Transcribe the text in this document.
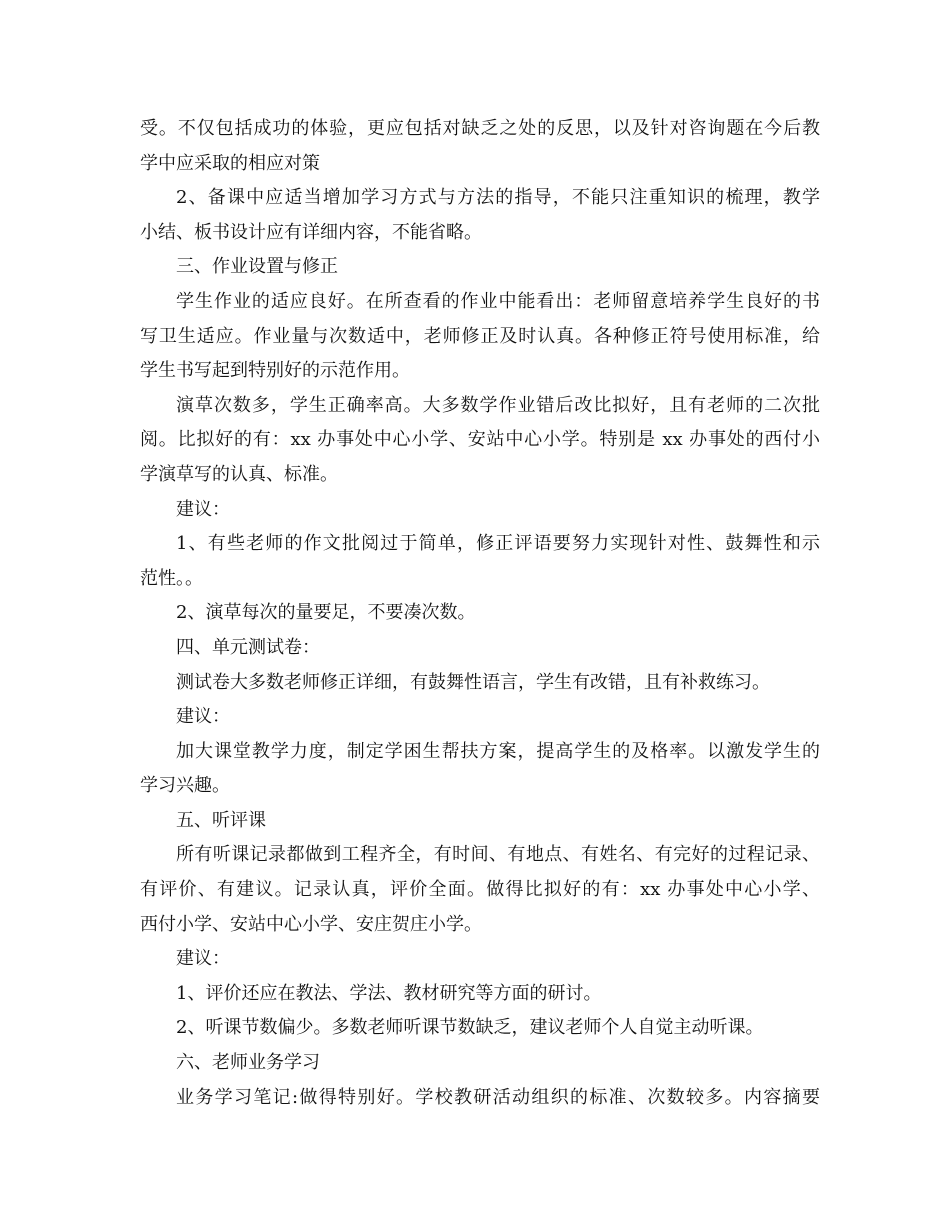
受。不仅包括成功的体验，更应包括对缺乏之处的反思，以及针对咨询题在今后教

学中应采取的相应对策

2、备课中应适当增加学习方式与方法的指导，不能只注重知识的梳理，教学

小结、板书设计应有详细内容，不能省略。

三、作业设置与修正

学生作业的适应良好。在所查看的作业中能看出：老师留意培养学生良好的书

写卫生适应。作业量与次数适中，老师修正及时认真。各种修正符号使用标准，给

学生书写起到特别好的示范作用。

演草次数多，学生正确率高。大多数学作业错后改比拟好，且有老师的二次批

阅。比拟好的有：xx 办事处中心小学、安站中心小学。特别是 xx 办事处的西付小

学演草写的认真、标准。

建议：

1、有些老师的作文批阅过于简单，修正评语要努力实现针对性、鼓舞性和示

范性。。

2、演草每次的量要足，不要凑次数。

四、单元测试卷：

测试卷大多数老师修正详细，有鼓舞性语言，学生有改错，且有补救练习。

建议：

加大课堂教学力度，制定学困生帮扶方案，提高学生的及格率。以激发学生的

学习兴趣。

五、听评课

所有听课记录都做到工程齐全，有时间、有地点、有姓名、有完好的过程记录、

有评价、有建议。记录认真，评价全面。做得比拟好的有：xx 办事处中心小学、

西付小学、安站中心小学、安庄贺庄小学。

建议：

1、评价还应在教法、学法、教材研究等方面的研讨。

2、听课节数偏少。多数老师听课节数缺乏，建议老师个人自觉主动听课。

六、老师业务学习

业务学习笔记:做得特别好。学校教研活动组织的标准、次数较多。内容摘要
